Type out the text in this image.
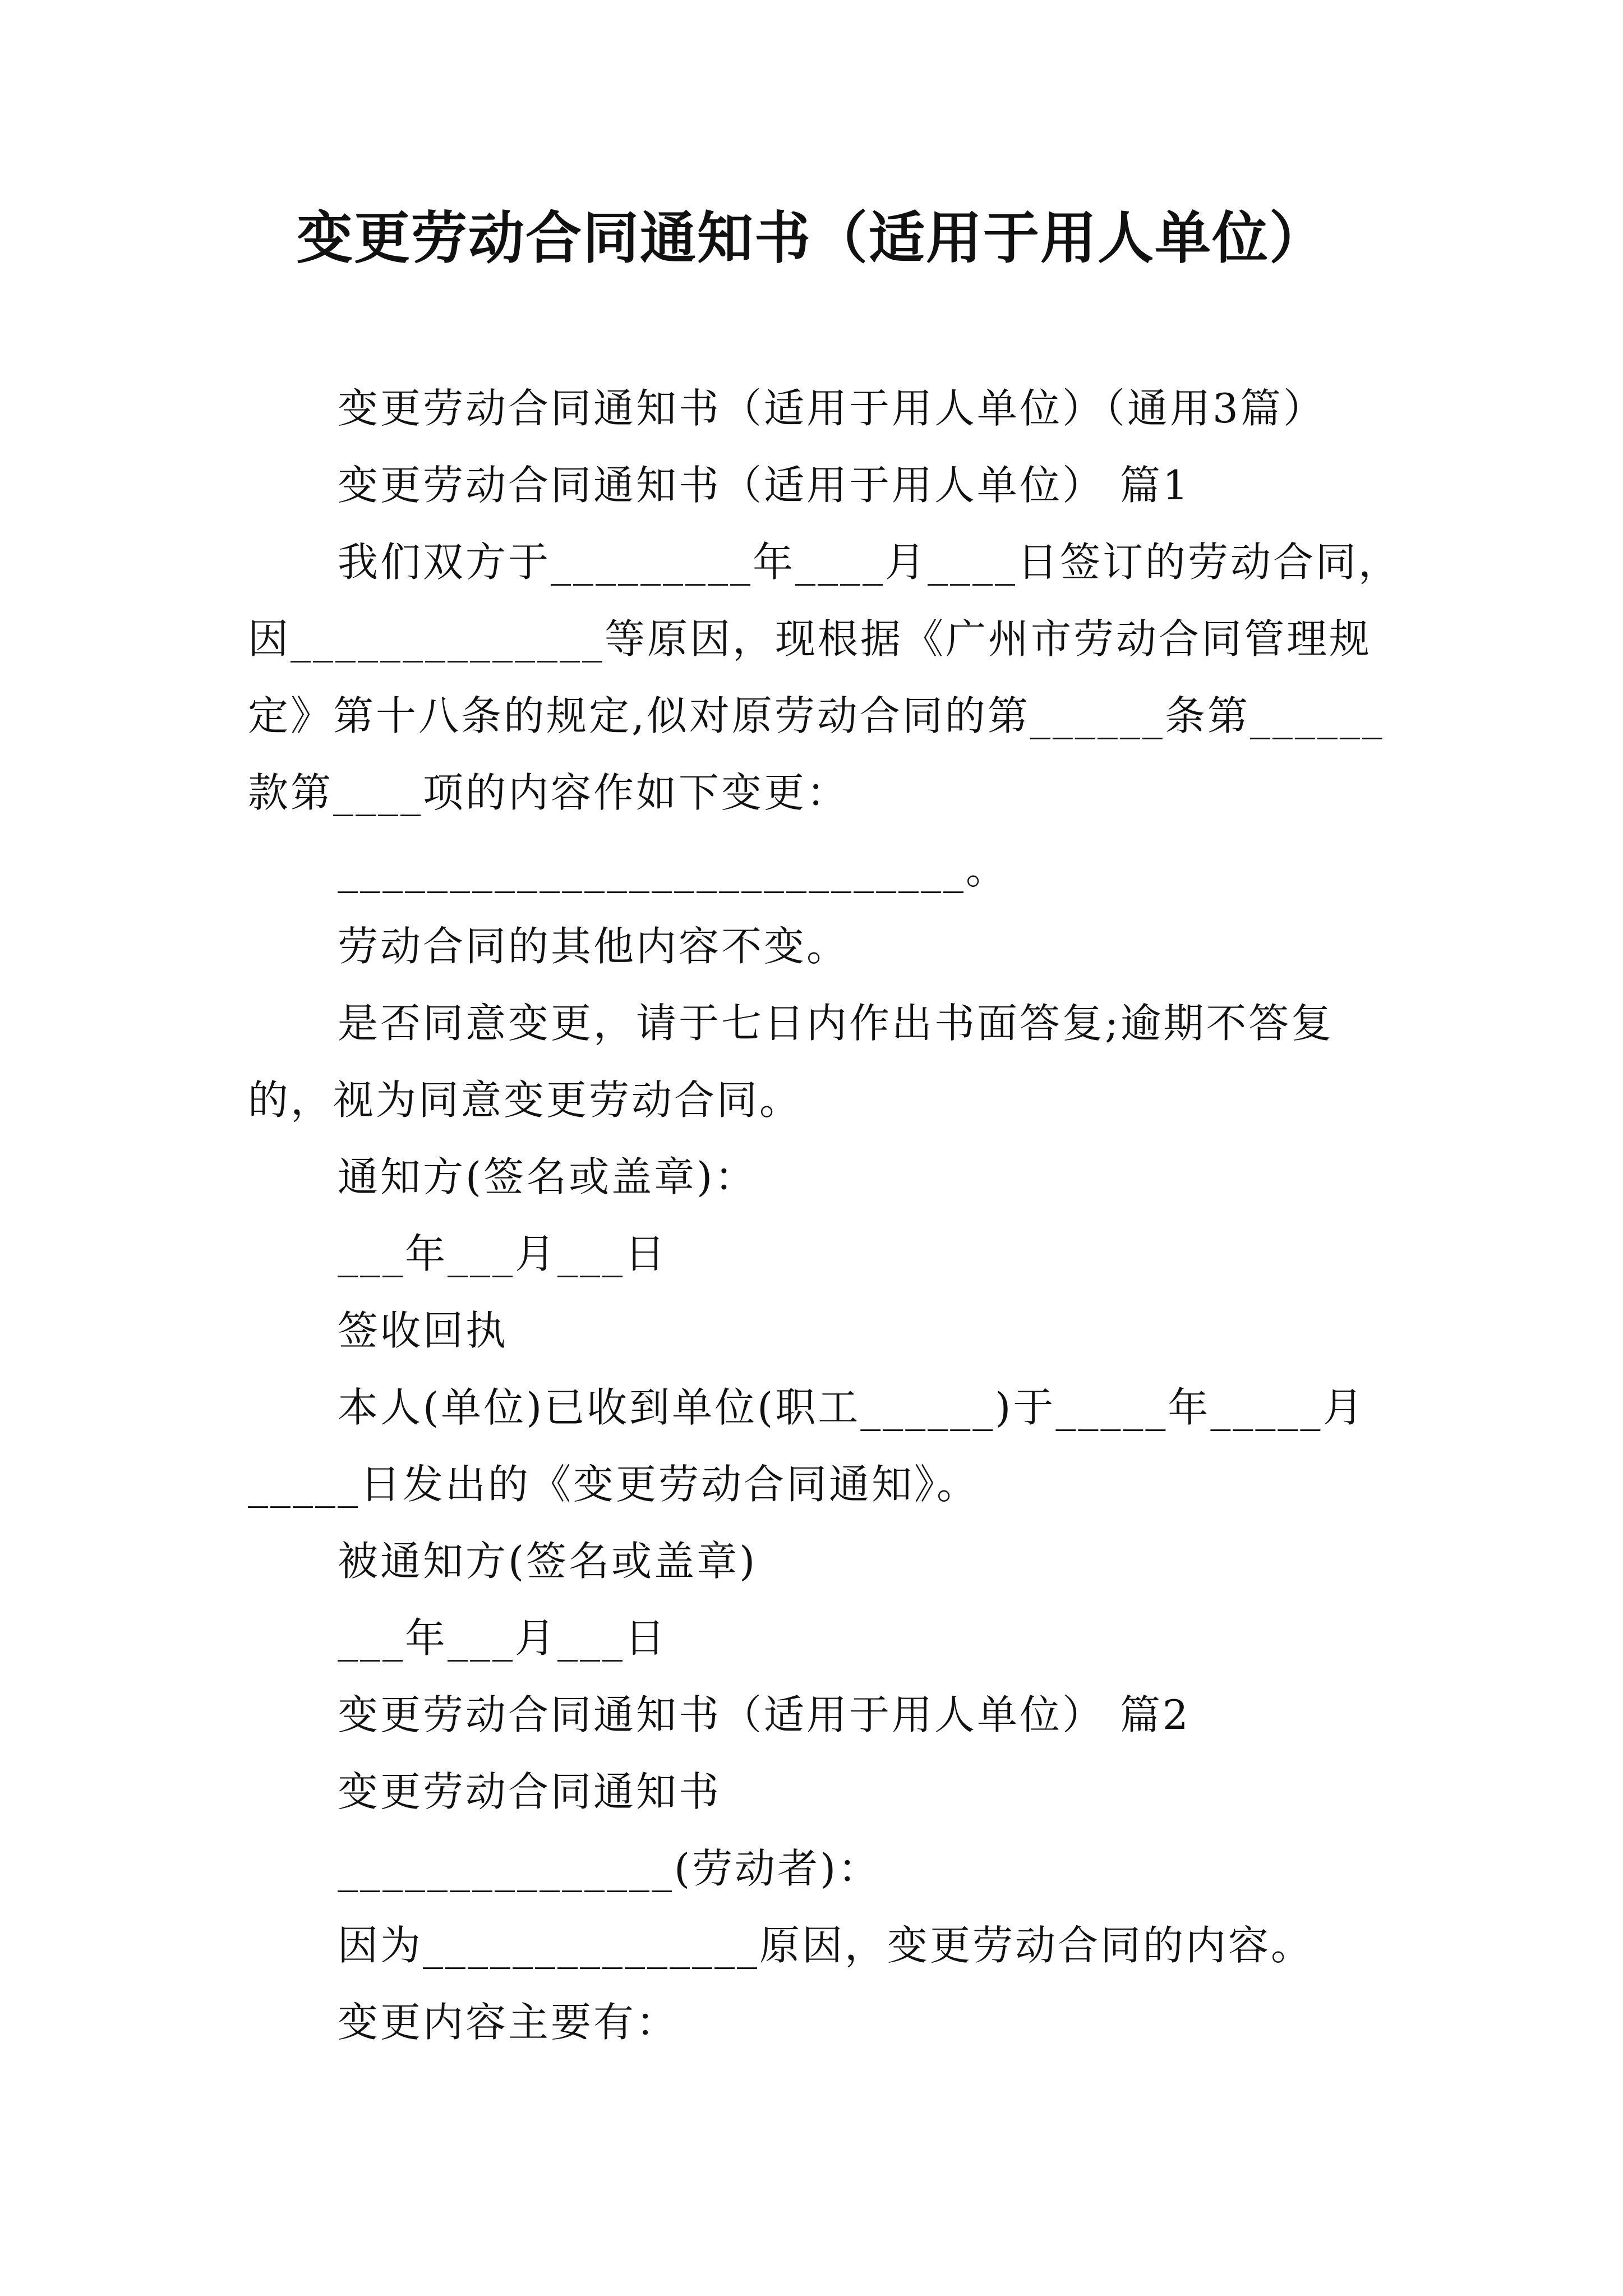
变更劳动合同通知书（适用于用人单位）

变更劳动合同通知书（适用于用人单位）（通用3篇）

变更劳动合同通知书（适用于用人单位） 篇1

我们双方于_________年____月____日签订的劳动合同，

因______________等原因，现根据《广州市劳动合同管理规

定》第十八条的规定,似对原劳动合同的第______条第______

款第____项的内容作如下变更：

____________________________。

劳动合同的其他内容不变。

是否同意变更，请于七日内作出书面答复;逾期不答复

的，视为同意变更劳动合同。

通知方(签名或盖章)：

___年___月___日

签收回执

本人(单位)已收到单位(职工______)于_____年_____月

_____日发出的《变更劳动合同通知》。

被通知方(签名或盖章)

___年___月___日

变更劳动合同通知书（适用于用人单位） 篇2

变更劳动合同通知书

_______________(劳动者)：

因为_______________原因，变更劳动合同的内容。

变更内容主要有：
